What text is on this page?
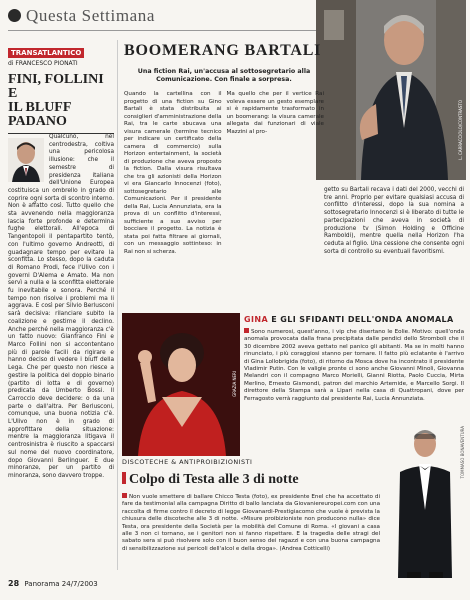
Questa Settimana
TRANSATLANTICO
di FRANCESCO PIONATI
FINI, FOLLINI E
IL BLUFF PADANO
Qualcuno, nel centrodestra, coltiva una pericolosa illusione: che il semestre di presidenza italiana dell'Unione Europea costituisca un ombrello in grado di coprire ogni sorta di scontro interno. Non è affatto così. Tutto quello che sta avvenendo nella maggioranza lascia forte profonde e determina fughe elettorali. All'epoca di Tangentopoli il pentapartito tentò, con l'ultimo governo Andreotti, di guadagnare tempo per evitare la sconfitta. Lo stesso, dopo la caduta di Romano Prodi, fece l'Ulivo con i governi D'Alema e Amato. Ma non servì a nulla e la sconfitta elettorale fu inevitabile e sonora. Perché il tempo non risolve i problemi ma li aggrava. E così per Silvio Berlusconi sarà decisiva: rilanciare subito la coalizione e gestirne il declino. Anche perché nella maggioranza c'è un fatto nuovo: Gianfranco Fini e Marco Follini non si accontentano più di parole facili da rigirare e hanno deciso di vedere i bluff della Lega. Che per questo non riesce a gestire la politica del doppio binario (partito di lotta e di governo) predicata da Umberto Bossi. Il Carroccio deve decidere: o da una parte o dall'altra. Per Berlusconi, comunque, una buona notizia c'è. L'Ulivo non è in grado di approfittare della situazione: mentre la maggioranza litigava il centrosinistra è riuscito a spaccarsi sul nome del nuovo coordinatore, dopo Giovanni Berlinguer. E due minoranze, per un partito di minoranza, sono davvero troppe.
L. CARRACCIOLO/CONTRASTO
BOOMERANG BARTALI
Una fiction Rai, un'accusa al sottosegretario alla Comunicazione. Con finale a sorpresa.
Quando la cartellina con il progetto di una fiction su Gino Bartali è stata distribuita ai consiglieri d'amministrazione della Rai, tra le carte sbucava una visura camerale (termine tecnico per indicare un certificato della camera di commercio) sulla Horizon entertainment, la società di produzione che aveva proposto la fiction. Dalla visura risultava che tra gli azionisti della Horizon vi era Giancarlo Innocenzi (foto), sottosegretario alle Comunicazioni. Per il presidente della Rai, Lucia Annunziata, era la prova di un conflitto d'interessi, sufficiente a suo avviso per bocciare il progetto. La notizia è stata poi fatta filtrare ai giornali, con un messaggio sottinteso: in Rai non si scherza.
Ma quello che per il vertice Rai voleva essere un gesto esemplare si è rapidamente trasformato in un boomerang: la visura camerale allegata dai funzionari di viale Mazzini al pro-
getto su Bartali recava i dati del 2000, vecchi di tre anni. Proprio per evitare qualsiasi accusa di conflitto d'interessi, dopo la sua nomina a sottosegretario Innocenzi si è liberato di tutte le partecipazioni che aveva in società di produzione tv (Simon Holding e Officine Ramboldi), mentre quella nella Horizon l'ha ceduta al figlio. Una cessione che consente ogni sorta di controllo su eventuali favoritismi.
GRAZIA NERI
GINA E GLI SFIDANTI DELL'ONDA ANOMALA
Sono numerosi, quest'anno, i vip che disertano le Eolie. Motivo: quell'onda anomala provocata dalla frana precipitata dalle pendici dello Stromboli che il 30 dicembre 2002 aveva gettato nel panico gli abitanti. Ma se in molti hanno rinunciato, i più coraggiosi stanno per tornare. Il fatto più eclatante è l'arrivo di Gina Lollobrigida (foto), di ritorno da Mosca dove ha incontrato il presidente Vladimir Putin. Con le valigie pronte ci sono anche Giovanni Minoli, Giovanna Melandri con il compagno Marco Morielli, Gianni Riotta, Paolo Cuccia, Mirta Merlino, Ernesto Gismondi, patron del marchio Artemide, e Marcello Sorgi. Il direttore della Stampa sarà a Lipari nella casa di Quattropani, dove per Ferragosto verrà raggiunto dal presidente Rai, Lucia Annunziata.
DISCOTECHE & ANTIPROIBIZIONISTI
Colpo di Testa alle 3 di notte
Non vuole smettere di ballare Chicco Testa (foto), ex presidente Enel che ha accettato di fare da testimonial alla campagna Diritto di ballo lanciata da Giovaniereuropei.com con una raccolta di firme contro il decreto di legge Giovanardi-Prestigiacomo che vuole è prevista la chiusura delle discoteche alle 3 di notte. «Misure proibizioniste non producono nulla» dice Testa, ora presidente della Società per la mobilità del Comune di Roma. «I giovani a casa alle 3 non ci tornano, se i genitori non si fanno rispettare. E la tragedia delle stragi del sabato sera si può risolvere solo con il buon senso dei ragazzi e con una buona campagna di sensibilizzazione sui pericoli dell'alcol e della droga». (Andrea Cotticelli)
TOMMASO BONAVENTURA
28 Panorama 24/7/2003
